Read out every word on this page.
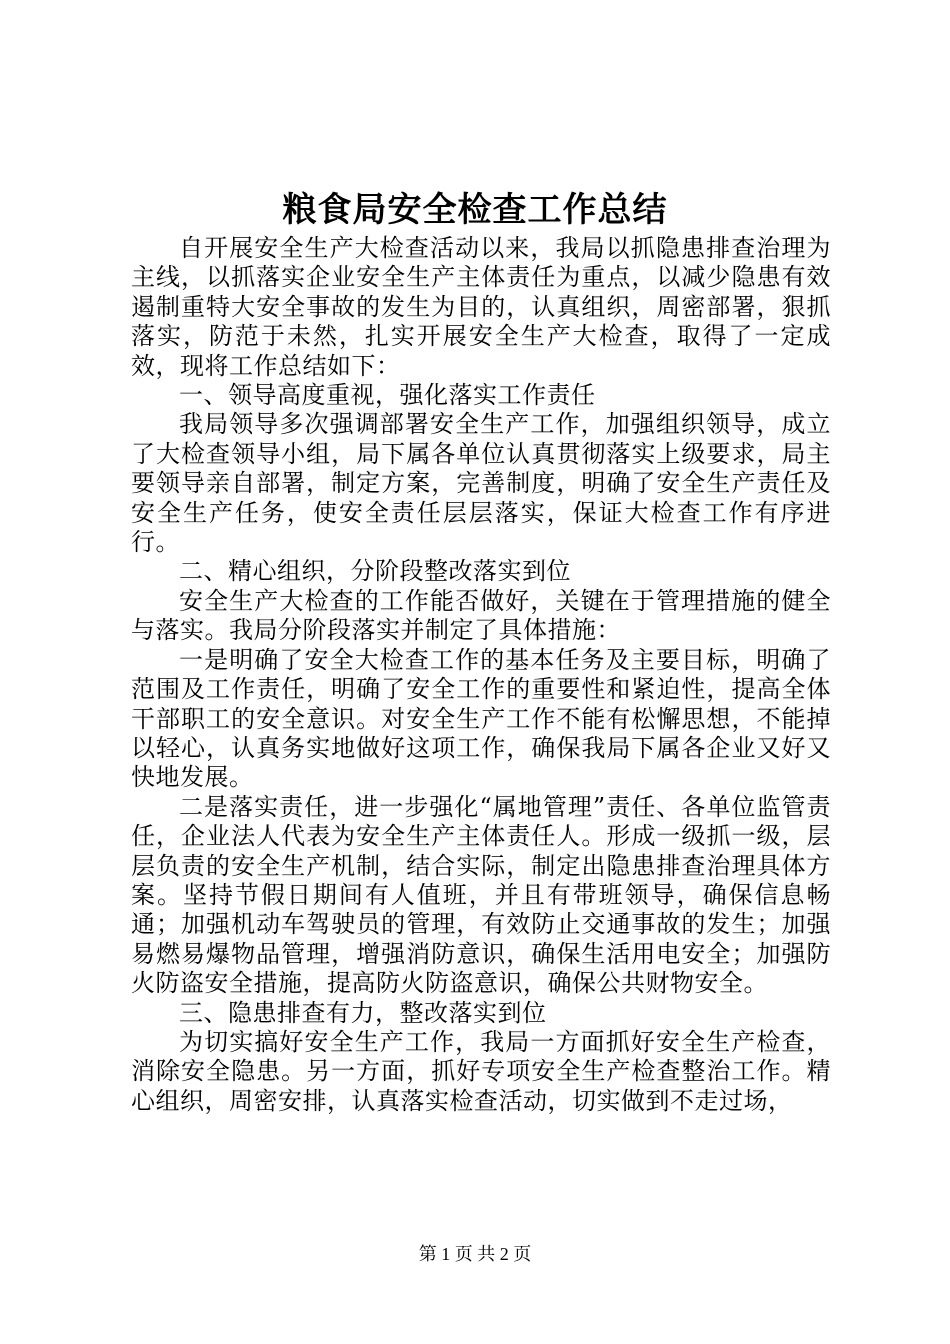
粮食局安全检查工作总结

自开展安全生产大检查活动以来，我局以抓隐患排查治理为主线，以抓落实企业安全生产主体责任为重点，以减少隐患有效遏制重特大安全事故的发生为目的，认真组织，周密部署，狠抓落实，防范于未然，扎实开展安全生产大检查，取得了一定成效，现将工作总结如下：

一、领导高度重视，强化落实工作责任

我局领导多次强调部署安全生产工作，加强组织领导，成立了大检查领导小组，局下属各单位认真贯彻落实上级要求，局主要领导亲自部署，制定方案，完善制度，明确了安全生产责任及安全生产任务，使安全责任层层落实，保证大检查工作有序进行。

二、精心组织，分阶段整改落实到位

安全生产大检查的工作能否做好，关键在于管理措施的健全与落实。我局分阶段落实并制定了具体措施：

一是明确了安全大检查工作的基本任务及主要目标，明确了范围及工作责任，明确了安全工作的重要性和紧迫性，提高全体干部职工的安全意识。对安全生产工作不能有松懈思想，不能掉以轻心，认真务实地做好这项工作，确保我局下属各企业又好又快地发展。

二是落实责任，进一步强化“属地管理”责任、各单位监管责任，企业法人代表为安全生产主体责任人。形成一级抓一级，层层负责的安全生产机制，结合实际，制定出隐患排查治理具体方案。坚持节假日期间有人值班，并且有带班领导，确保信息畅通；加强机动车驾驶员的管理，有效防止交通事故的发生；加强易燃易爆物品管理，增强消防意识，确保生活用电安全；加强防火防盗安全措施，提高防火防盗意识，确保公共财物安全。

三、隐患排查有力，整改落实到位

为切实搞好安全生产工作，我局一方面抓好安全生产检查，消除安全隐患。另一方面，抓好专项安全生产检查整治工作。精心组织，周密安排，认真落实检查活动，切实做到不走过场，

第 1 页 共 2 页
